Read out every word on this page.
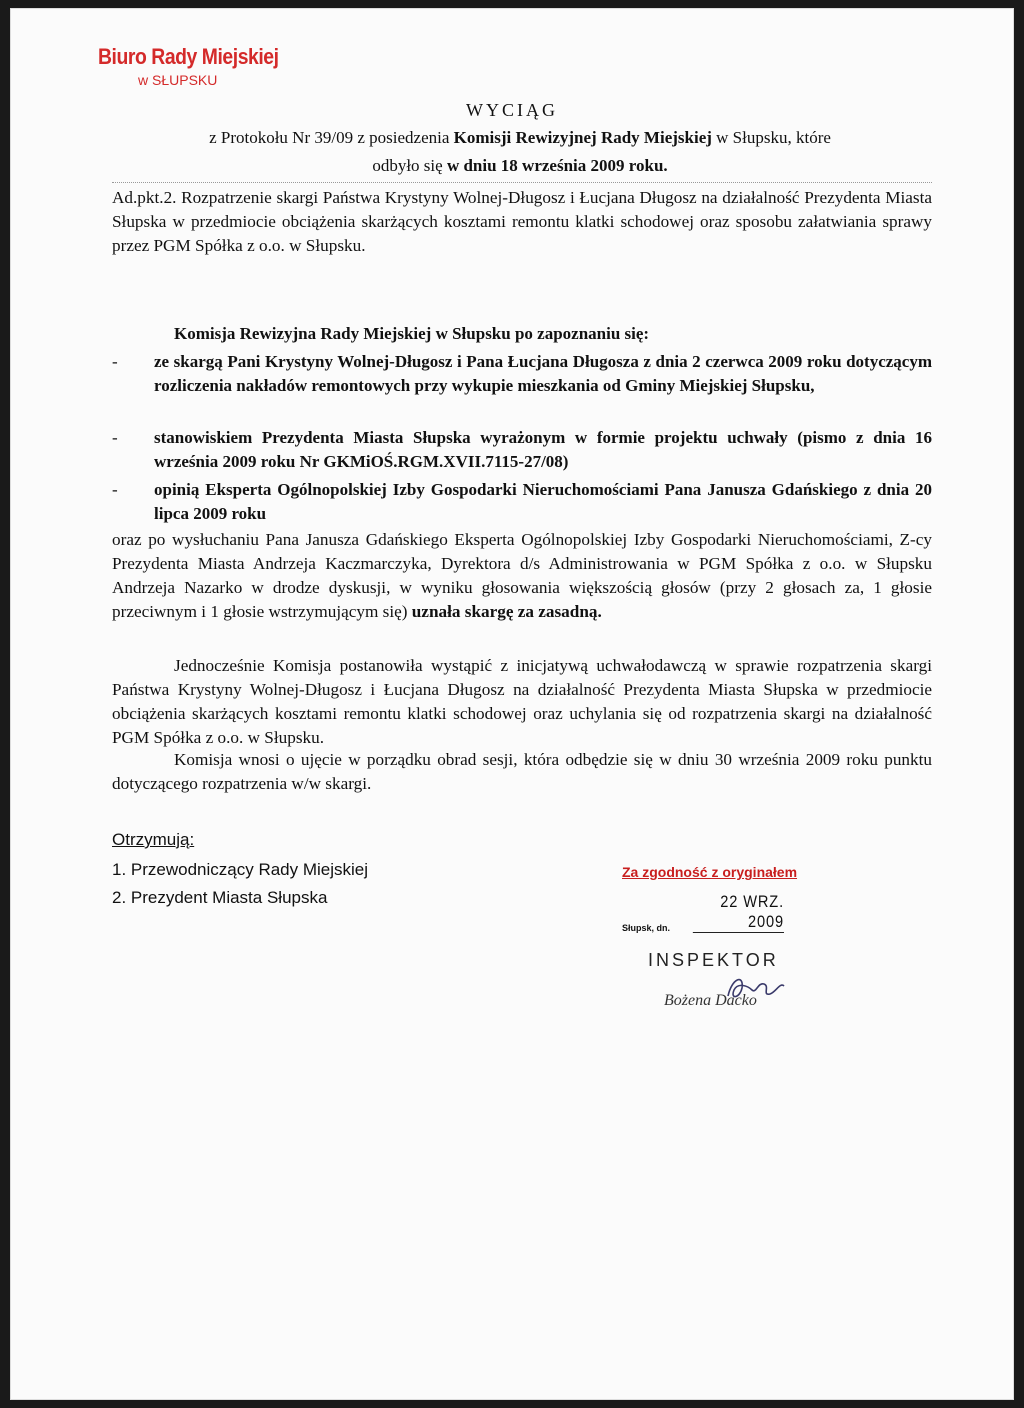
Biuro Rady Miejskiej
w SŁUPSKU
WYCIĄG
z Protokołu Nr 39/09 z posiedzenia Komisji Rewizyjnej Rady Miejskiej w Słupsku, które
odbyło się w dniu 18 września 2009 roku.
Ad.pkt.2. Rozpatrzenie skargi Państwa Krystyny Wolnej-Długosz i Łucjana Długosz na działalność Prezydenta Miasta Słupska w przedmiocie obciążenia skarżących kosztami remontu klatki schodowej oraz sposobu załatwiania sprawy przez PGM Spółka z o.o. w Słupsku.
Komisja Rewizyjna Rady Miejskiej w Słupsku po zapoznaniu się:
- ze skargą Pani Krystyny Wolnej-Długosz i Pana Łucjana Długosza z dnia 2 czerwca 2009 roku dotyczącym rozliczenia nakładów remontowych przy wykupie mieszkania od Gminy Miejskiej Słupsku,
- stanowiskiem Prezydenta Miasta Słupska wyrażonym w formie projektu uchwały (pismo z dnia 16 września 2009 roku Nr GKMiOŚ.RGM.XVII.7115-27/08)
- opinią Eksperta Ogólnopolskiej Izby Gospodarki Nieruchomościami Pana Janusza Gdańskiego z dnia 20 lipca 2009 roku
oraz po wysłuchaniu Pana Janusza Gdańskiego Eksperta Ogólnopolskiej Izby Gospodarki Nieruchomościami, Z-cy Prezydenta Miasta Andrzeja Kaczmarczyka, Dyrektora d/s Administrowania w PGM Spółka z o.o. w Słupsku Andrzeja Nazarko w drodze dyskusji, w wyniku głosowania większością głosów (przy 2 głosach za, 1 głosie przeciwnym i 1 głosie wstrzymującym się) uznała skargę za zasadną.
Jednocześnie Komisja postanowiła wystąpić z inicjatywą uchwałodawczą w sprawie rozpatrzenia skargi Państwa Krystyny Wolnej-Długosz i Łucjana Długosz na działalność Prezydenta Miasta Słupska w przedmiocie obciążenia skarżących kosztami remontu klatki schodowej oraz uchylania się od rozpatrzenia skargi na działalność PGM Spółka z o.o. w Słupsku.
Komisja wnosi o ujęcie w porządku obrad sesji, która odbędzie się w dniu 30 września 2009 roku punktu dotyczącego rozpatrzenia w/w skargi.
Otrzymują:
1. Przewodniczący Rady Miejskiej
2. Prezydent Miasta Słupska
Za zgodność z oryginałem
Słupsk, dn.22 WRZ. 2009
INSPEKTOR
Bożena Dacko
